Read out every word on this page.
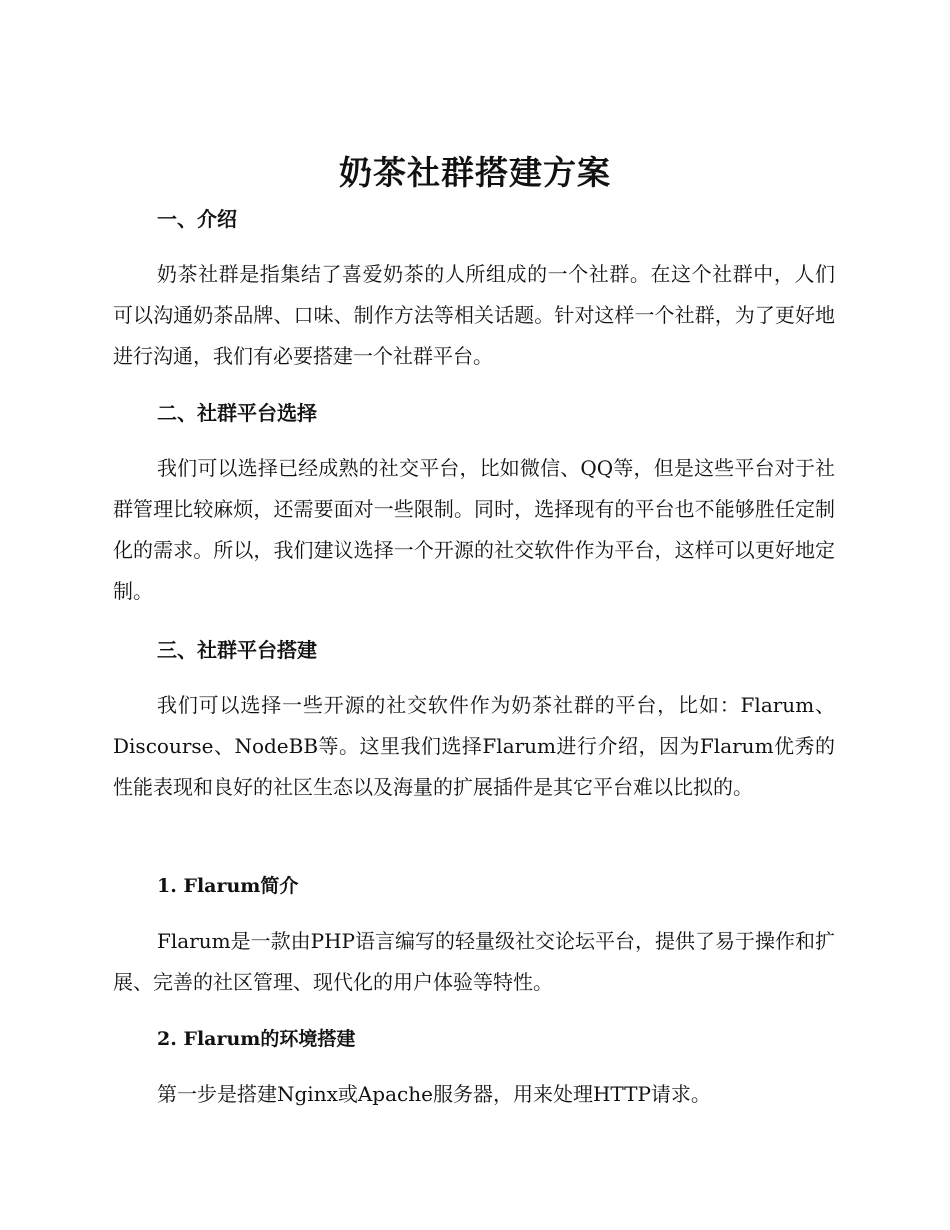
奶茶社群搭建方案
一、介绍

奶茶社群是指集结了喜爱奶茶的人所组成的一个社群。在这个社群中，人们可以沟通奶茶品牌、口味、制作方法等相关话题。针对这样一个社群，为了更好地进行沟通，我们有必要搭建一个社群平台。

二、社群平台选择

我们可以选择已经成熟的社交平台，比如微信、QQ等，但是这些平台对于社群管理比较麻烦，还需要面对一些限制。同时，选择现有的平台也不能够胜任定制化的需求。所以，我们建议选择一个开源的社交软件作为平台，这样可以更好地定制。

三、社群平台搭建

我们可以选择一些开源的社交软件作为奶茶社群的平台，比如：Flarum、Discourse、NodeBB等。这里我们选择Flarum进行介绍，因为Flarum优秀的性能表现和良好的社区生态以及海量的扩展插件是其它平台难以比拟的。

1. Flarum简介

Flarum是一款由PHP语言编写的轻量级社交论坛平台，提供了易于操作和扩展、完善的社区管理、现代化的用户体验等特性。

2. Flarum的环境搭建

第一步是搭建Nginx或Apache服务器，用来处理HTTP请求。
